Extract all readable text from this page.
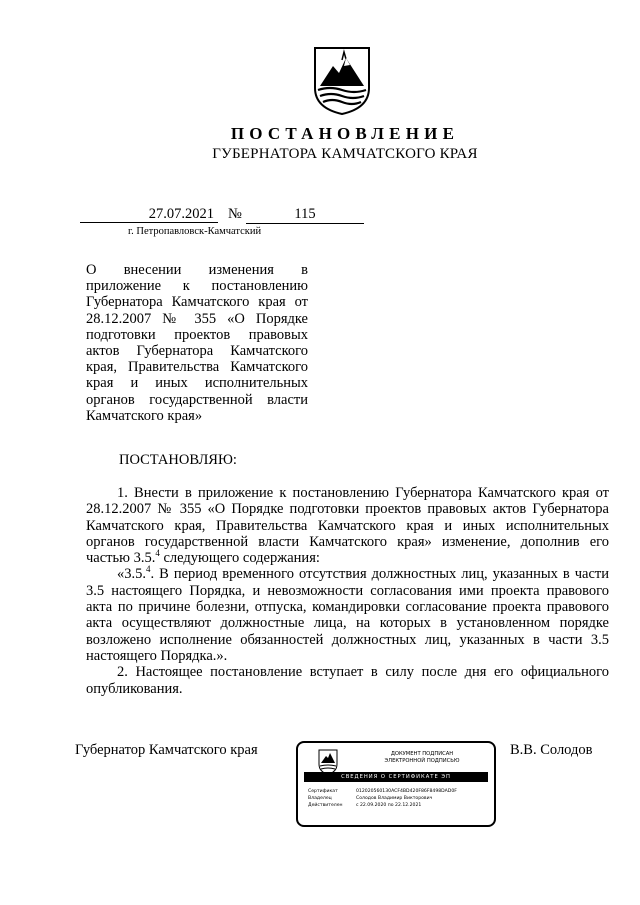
ПОСТАНОВЛЕНИЕ
ГУБЕРНАТОРА КАМЧАТСКОГО КРАЯ
27.07.2021 №	115
г. Петропавловск-Камчатский
О внесении изменения в приложение к постановлению Губернатора Камчатского края от 28.12.2007 № 355 «О Порядке подготовки проектов правовых актов Губернатора Камчатского края, Правительства Камчатского края и иных исполнительных органов государственной власти Камчатского края»
ПОСТАНОВЛЯЮ:

1. Внести в приложение к постановлению Губернатора Камчатского края от 28.12.2007 № 355 «О Порядке подготовки проектов правовых актов Губернатора Камчатского края, Правительства Камчатского края и иных исполнительных органов государственной власти Камчатского края» изменение, дополнив его частью 3.5.$^4$ следующего содержания:

«3.5.$^4$. В период временного отсутствия должностных лиц, указанных в части 3.5 настоящего Порядка, и невозможности согласования ими проекта правового акта по причине болезни, отпуска, командировки согласование проекта правового акта осуществляют должностные лица, на которых в установленном порядке возложено исполнение обязанностей должностных лиц, указанных в части 3.5 настоящего Порядка.».

2. Настоящее постановление вступает в силу после дня его официального опубликования.

Губернатор Камчатского края	ДОКУМЕНТ ПОДПИСАН
ЭЛЕКТРОННОЙ ПОДПИСЬЮ
СВЕДЕНИЯ О СЕРТИФИКАТЕ ЭП
Сертификат	012020560130ACF4BD420F86F8498DAD0F
Владелец	Солодов Владимир Викторович
Действителен	с 22.09.2020 по 22.12.2021
В.В. Солодов
